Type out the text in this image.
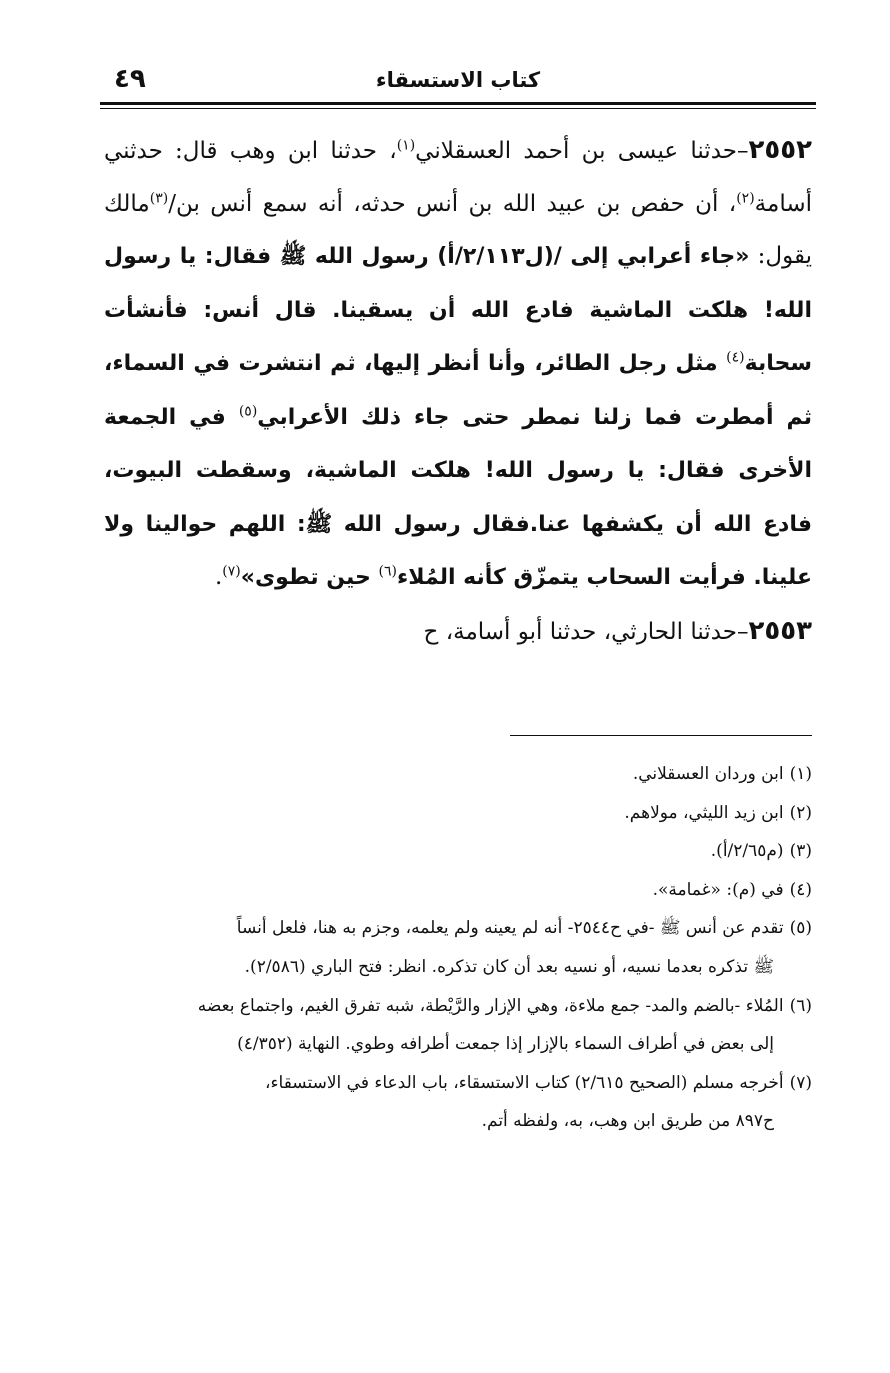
كتاب الاستسقاء
٤٩

٢٥٥٢–حدثنا عيسى بن أحمد العسقلاني$^{(١)}$، حدثنا ابن وهب قال: حدثني أسامة$^{(٢)}$، أن حفص بن عبيد الله بن أنس حدثه، أنه سمع أنس بن/$^{(٣)}$مالك يقول: «جاء أعرابي إلى /(ل٢/١١٣/أ) رسول الله ﷺ فقال: يا رسول الله! هلكت الماشية فادع الله أن يسقينا. قال أنس: فأنشأت سحابة$^{(٤)}$ مثل رجل الطائر، وأنا أنظر إليها، ثم انتشرت في السماء، ثم أمطرت فما زلنا نمطر حتى جاء ذلك الأعرابي$^{(٥)}$ في الجمعة الأخرى فقال: يا رسول الله! هلكت الماشية، وسقطت البيوت، فادع الله أن يكشفها عنا.فقال رسول الله ﷺ: اللهم حوالينا ولا علينا. فرأيت السحاب يتمزّق كأنه المُلاء$^{(٦)}$ حين تطوى»$^{(٧)}$.

٢٥٥٣–حدثنا الحارثي، حدثنا أبو أسامة، ح

(١)ابن وردان العسقلاني.

(٢)ابن زيد الليثي، مولاهم.

(٣)(م٢/٦٥/أ).

(٤)في (م): «غمامة».

(٥)تقدم عن أنس ﷺ -في ح٢٥٤٤- أنه لم يعينه ولم يعلمه، وجزم به هنا، فلعل أنساً

ﷺ تذكره بعدما نسيه، أو نسيه بعد أن كان تذكره. انظر: فتح الباري (٢/٥٨٦).

(٦)المُلاء -بالضم والمد- جمع ملاءة، وهي الإزار والرَّيْطة، شبه تفرق الغيم، واجتماع بعضه

إلى بعض في أطراف السماء بالإزار إذا جمعت أطرافه وطوي. النهاية (٤/٣٥٢)

(٧)أخرجه مسلم (الصحيح ٢/٦١٥) كتاب الاستسقاء، باب الدعاء في الاستسقاء،

ح٨٩٧ من طريق ابن وهب، به، ولفظه أتم.
